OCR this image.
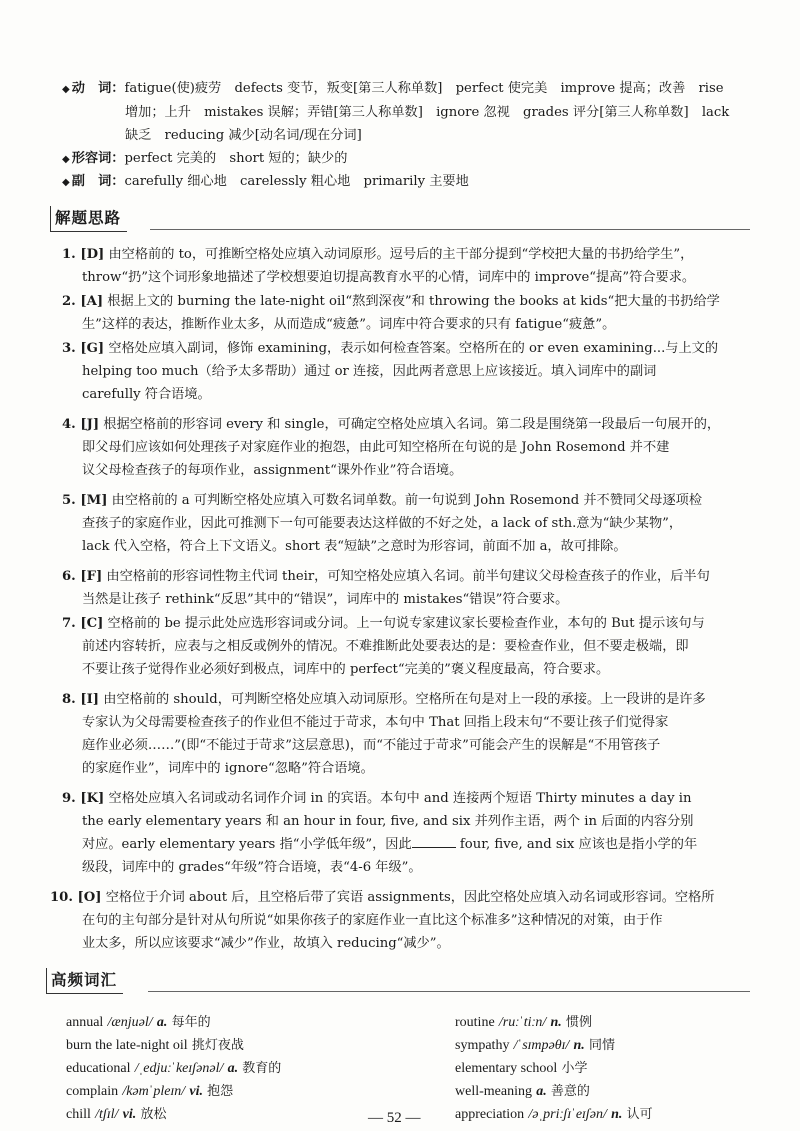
◆ 动　词：fatigue(使)疲劳　defects 变节，叛变[第三人称单数]　perfect 使完美　improve 提高；改善　rise
增加；上升　mistakes 误解；弄错[第三人称单数]　ignore 忽视　grades 评分[第三人称单数]　lack
缺乏　reducing 减少[动名词/现在分词]
◆ 形容词：perfect 完美的　short 短的；缺少的
◆ 副　词：carefully 细心地　carelessly 粗心地　primarily 主要地
解题思路
1. [D] 由空格前的 to，可推断空格处应填入动词原形。逗号后的主干部分提到“学校把大量的书扔给学生”，
throw“扔”这个词形象地描述了学校想要迫切提高教育水平的心情，词库中的 improve“提高”符合要求。
2. [A] 根据上文的 burning the late-night oil“熬到深夜”和 throwing the books at kids“把大量的书扔给学
生”这样的表达，推断作业太多，从而造成“疲惫”。词库中符合要求的只有 fatigue“疲惫”。
3. [G] 空格处应填入副词，修饰 examining，表示如何检查答案。空格所在的 or even examining...与上文的
helping too much（给予太多帮助）通过 or 连接，因此两者意思上应该接近。填入词库中的副词
carefully 符合语境。
4. [J] 根据空格前的形容词 every 和 single，可确定空格处应填入名词。第二段是围绕第一段最后一句展开的，
即父母们应该如何处理孩子对家庭作业的抱怨，由此可知空格所在句说的是 John Rosemond 并不建
议父母检查孩子的每项作业，assignment“课外作业”符合语境。
5. [M] 由空格前的 a 可判断空格处应填入可数名词单数。前一句说到 John Rosemond 并不赞同父母逐项检
查孩子的家庭作业，因此可推测下一句可能要表达这样做的不好之处，a lack of sth.意为“缺少某物”，
lack 代入空格，符合上下文语义。short 表“短缺”之意时为形容词，前面不加 a，故可排除。
6. [F] 由空格前的形容词性物主代词 their，可知空格处应填入名词。前半句建议父母检查孩子的作业，后半句
当然是让孩子 rethink“反思”其中的“错误”，词库中的 mistakes“错误”符合要求。
7. [C] 空格前的 be 提示此处应选形容词或分词。上一句说专家建议家长要检查作业，本句的 But 提示该句与
前述内容转折，应表与之相反或例外的情况。不难推断此处要表达的是：要检查作业，但不要走极端，即
不要让孩子觉得作业必须好到极点，词库中的 perfect“完美的”褒义程度最高，符合要求。
8. [I] 由空格前的 should，可判断空格处应填入动词原形。空格所在句是对上一段的承接。上一段讲的是许多
专家认为父母需要检查孩子的作业但不能过于苛求，本句中 That 回指上段末句“不要让孩子们觉得家
庭作业必须……”(即“不能过于苛求”这层意思)，而“不能过于苛求”可能会产生的误解是“不用管孩子
的家庭作业”，词库中的 ignore“忽略”符合语境。
9. [K] 空格处应填入名词或动名词作介词 in 的宾语。本句中 and 连接两个短语 Thirty minutes a day in
the early elementary years 和 an hour in four, five, and six 并列作主语，两个 in 后面的内容分别
对应。early elementary years 指“小学低年级”，因此	four, five, and six 应该也是指小学的年
级段，词库中的 grades“年级”符合语境，表“4-6 年级”。
10. [O] 空格位于介词 about 后，且空格后带了宾语 assignments，因此空格处应填入动名词或形容词。空格所
在句的主句部分是针对从句所说“如果你孩子的家庭作业一直比这个标准多”这种情况的对策，由于作
业太多，所以应该要求“减少”作业，故填入 reducing“减少”。
高频词汇
annual /ænjuəl/ a. 每年的
burn the late-night oil 挑灯夜战
educational /ˌedjuːˈkeɪʃənəl/ a. 教育的
complain /kəmˈpleɪn/ vi. 抱怨
chill /tʃɪl/ vi. 放松
routine /ruːˈtiːn/ n. 惯例
sympathy /ˈsɪmpəθɪ/ n. 同情
elementary school 小学
well-meaning a. 善意的
appreciation /əˌpriːʃɪˈeɪʃən/ n. 认可
— 52 —
